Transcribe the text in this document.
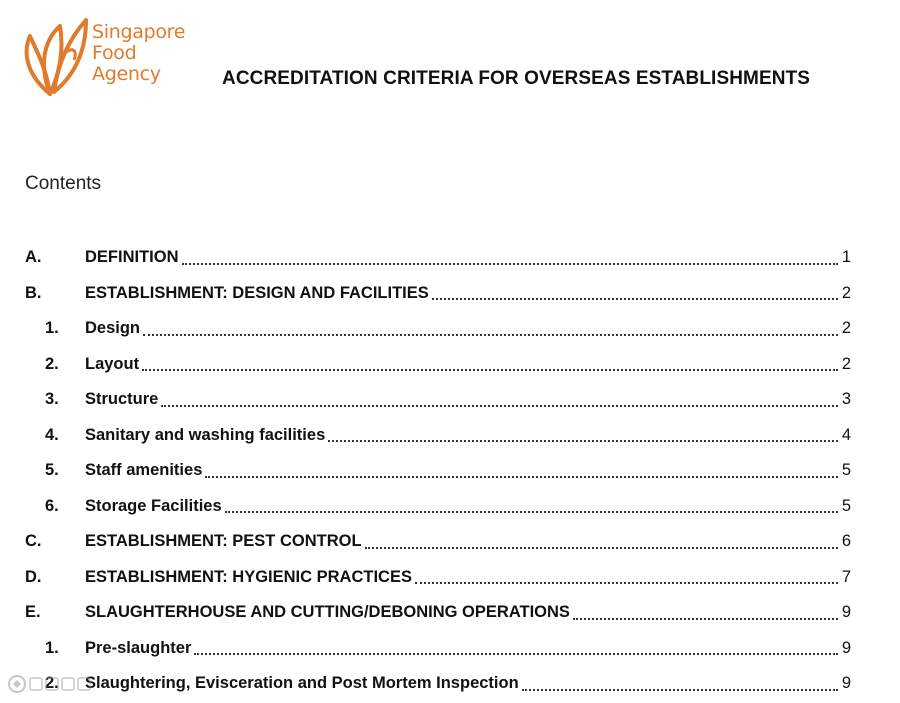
Singapore
Food
Agency	ACCREDITATION CRITERIA FOR OVERSEAS ESTABLISHMENTS
Contents
A.	DEFINITION	1
B.	ESTABLISHMENT: DESIGN AND FACILITIES	2
1.	Design	2
2.	Layout	2
3.	Structure	3
4.	Sanitary and washing facilities	4
5.	Staff amenities	5
6.	Storage Facilities	5
C.	ESTABLISHMENT: PEST CONTROL	6
D.	ESTABLISHMENT: HYGIENIC PRACTICES	7
E.	SLAUGHTERHOUSE AND CUTTING/DEBONING OPERATIONS	9
1.	Pre-slaughter	9
2.	Slaughtering, Evisceration and Post Mortem Inspection	9
